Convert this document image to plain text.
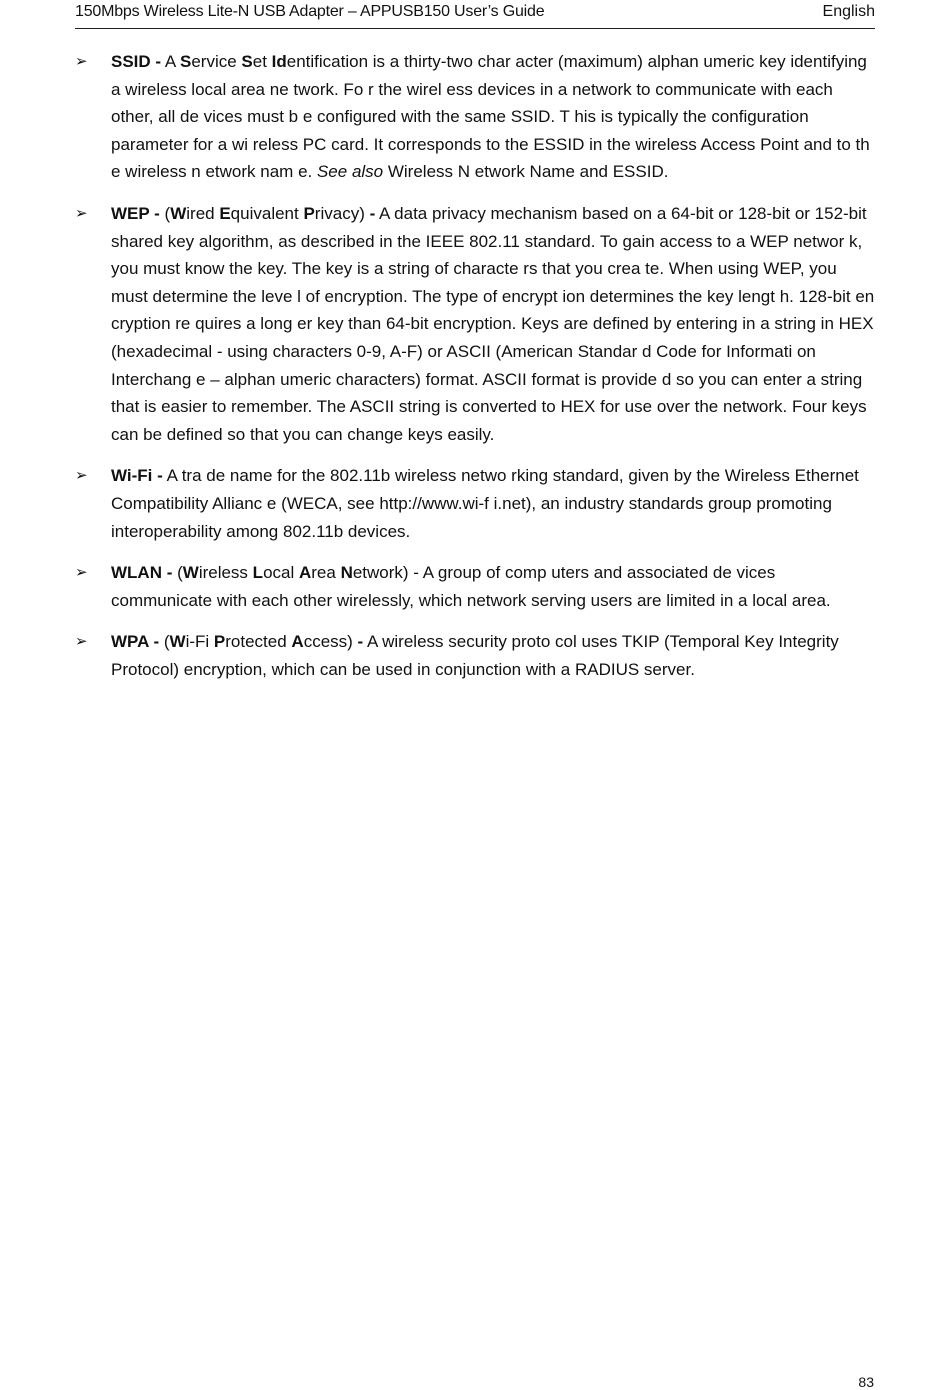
150Mbps Wireless Lite-N USB Adapter – APPUSB150 User’s Guide	English
➢	SSID - A Service Set Identification is a thirty-two char acter (maximum) alphan umeric key identifying a wireless local area ne twork. Fo r the wirel ess devices in a network to communicate with each other, all de vices must b e configured with the same SSID. T his is typically the configuration parameter for a wi reless PC card. It corresponds to the ESSID in the wireless Access Point and to th e wireless n etwork nam e. See also Wireless N etwork Name and ESSID.
➢	WEP - (Wired Equivalent Privacy) - A data privacy mechanism based on a 64-bit or 128-bit or 152-bit shared key algorithm, as described in the IEEE 802.11 standard. To gain access to a WEP networ k, you must know the key. The key is a string of characte rs that you crea te. When using WEP, you must determine the leve l of encryption. The type of encrypt ion determines the key lengt h. 128-bit en cryption re quires a long er key than 64-bit encryption. Keys are defined by entering in a string in HEX (hexadecimal - using characters 0-9, A-F) or ASCII (American Standar d Code for Informati on Interchang e – alphan umeric characters) format. ASCII format is provide d so you can enter a string that is easier to remember. The ASCII string is converted to HEX for use over the network. Four keys can be defined so that you can change keys easily.
➢	Wi-Fi - A tra de name for the 802.11b wireless netwo rking standard, given by the Wireless Ethernet Compatibility Allianc e (WECA, see http://www.wi-f i.net), an industry standards group promoting interoperability among 802.11b devices.
➢	WLAN - (Wireless Local Area Network) - A group of comp uters and associated de vices communicate with each other wirelessly, which network serving users are limited in a local area.
➢	WPA - (Wi-Fi Protected Access) - A wireless security proto col uses TKIP (Temporal Key Integrity Protocol) encryption, which can be used in conjunction with a RADIUS server.
83
